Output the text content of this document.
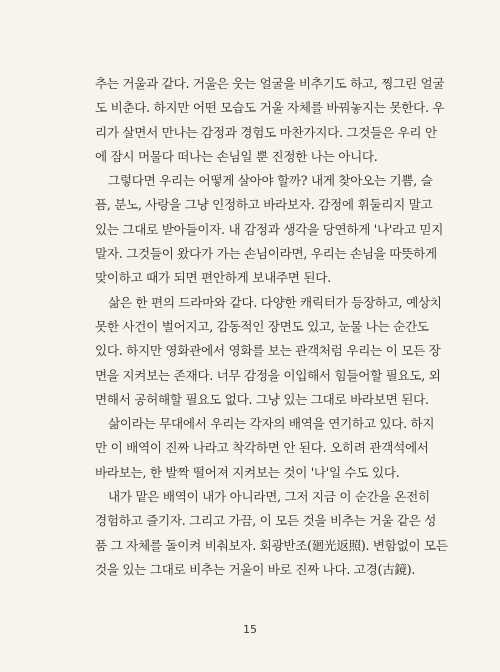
추는 거울과 같다. 거울은 웃는 얼굴을 비추기도 하고, 찡그린 얼굴
도 비춘다. 하지만 어떤 모습도 거울 자체를 바꿔놓지는 못한다. 우
리가 살면서 만나는 감정과 경험도 마찬가지다. 그것들은 우리 안
에 잠시 머물다 떠나는 손님일 뿐 진정한 나는 아니다.
그렇다면 우리는 어떻게 살아야 할까? 내게 찾아오는 기쁨, 슬
픔, 분노, 사랑을 그냥 인정하고 바라보자. 감정에 휘둘리지 말고
있는 그대로 받아들이자. 내 감정과 생각을 당연하게 '나'라고 믿지
말자. 그것들이 왔다가 가는 손님이라면, 우리는 손님을 따뜻하게
맞이하고 때가 되면 편안하게 보내주면 된다.
삶은 한 편의 드라마와 같다. 다양한 캐릭터가 등장하고, 예상치
못한 사건이 벌어지고, 감동적인 장면도 있고, 눈물 나는 순간도
있다. 하지만 영화관에서 영화를 보는 관객처럼 우리는 이 모든 장
면을 지켜보는 존재다. 너무 감정을 이입해서 힘들어할 필요도, 외
면해서 공허해할 필요도 없다. 그냥 있는 그대로 바라보면 된다.
삶이라는 무대에서 우리는 각자의 배역을 연기하고 있다. 하지
만 이 배역이 진짜 나라고 착각하면 안 된다. 오히려 관객석에서
바라보는, 한 발짝 떨어져 지켜보는 것이 '나'일 수도 있다.
내가 맡은 배역이 내가 아니라면, 그저 지금 이 순간을 온전히
경험하고 즐기자. 그리고 가끔, 이 모든 것을 비추는 거울 같은 성
품 그 자체를 돌이켜 비춰보자. 회광반조(廻光返照). 변함없이 모든
것을 있는 그대로 비추는 거울이 바로 진짜 나다. 고경(古鏡).
15
